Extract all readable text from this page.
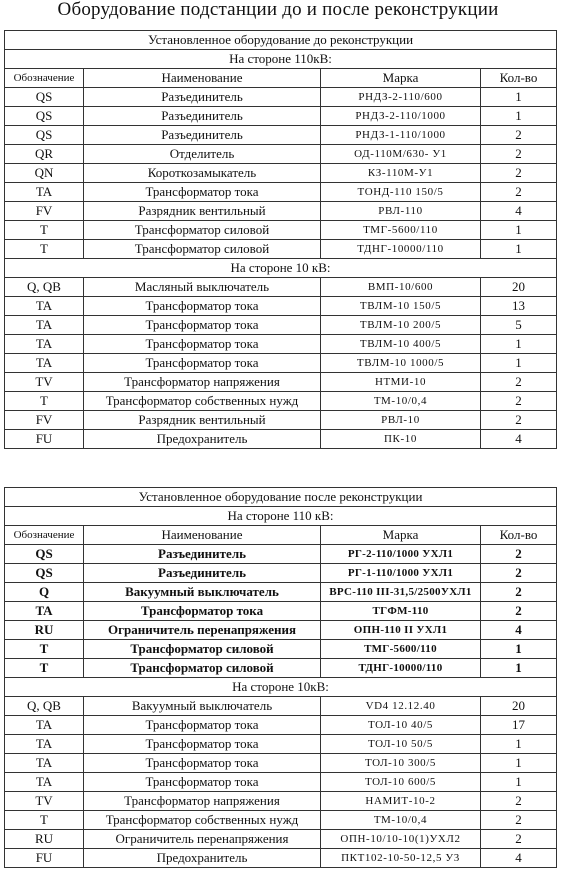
Оборудование подстанции до и после реконструкции
Установленное оборудование до реконструкции			
На стороне 110кВ:			
Обозначение	Наименование	Марка	Кол-во
QS	Разъединитель	РНДЗ-2-110/600	1
QS	Разъединитель	РНДЗ-2-110/1000	1
QS	Разъединитель	РНДЗ-1-110/1000	2
QR	Отделитель	ОД-110М/630- У1	2
QN	Короткозамыкатель	КЗ-110М-У1	2
TA	Трансформатор тока	ТОНД-110 150/5	2
FV	Разрядник вентильный	РВЛ-110	4
T	Трансформатор силовой	ТМГ-5600/110	1
T	Трансформатор силовой	ТДНГ-10000/110	1
На стороне 10 кВ:			
Q, QB	Масляный выключатель	ВМП-10/600	20
TA	Трансформатор тока	ТВЛМ-10 150/5	13
TA	Трансформатор тока	ТВЛМ-10 200/5	5
TA	Трансформатор тока	ТВЛМ-10 400/5	1
TA	Трансформатор тока	ТВЛМ-10 1000/5	1
TV	Трансформатор напряжения	НТМИ-10	2
T	Трансформатор собственных нужд	ТМ-10/0,4	2
FV	Разрядник вентильный	РВЛ-10	2
FU	Предохранитель	ПК-10	4
Установленное оборудование после реконструкции			
На стороне 110 кВ:			
Обозначение	Наименование	Марка	Кол-во
QS	Разъединитель	РГ-2-110/1000 УХЛ1	2
QS	Разъединитель	РГ-1-110/1000 УХЛ1	2
Q	Вакуумный выключатель	ВРС-110 III-31,5/2500УХЛ1	2
TA	Трансформатор тока	ТГФМ-110	2
RU	Ограничитель перенапряжения	ОПН-110 II УХЛ1	4
T	Трансформатор силовой	ТМГ-5600/110	1
T	Трансформатор силовой	ТДНГ-10000/110	1
На стороне 10кВ:			
Q, QB	Вакуумный выключатель	VD4 12.12.40	20
TA	Трансформатор тока	ТОЛ-10 40/5	17
TA	Трансформатор тока	ТОЛ-10 50/5	1
TA	Трансформатор тока	ТОЛ-10 300/5	1
TA	Трансформатор тока	ТОЛ-10 600/5	1
TV	Трансформатор напряжения	НАМИТ-10-2	2
T	Трансформатор собственных нужд	ТМ-10/0,4	2
RU	Ограничитель перенапряжения	ОПН-10/10-10(1)УХЛ2	2
FU	Предохранитель	ПКТ102-10-50-12,5 У3	4
